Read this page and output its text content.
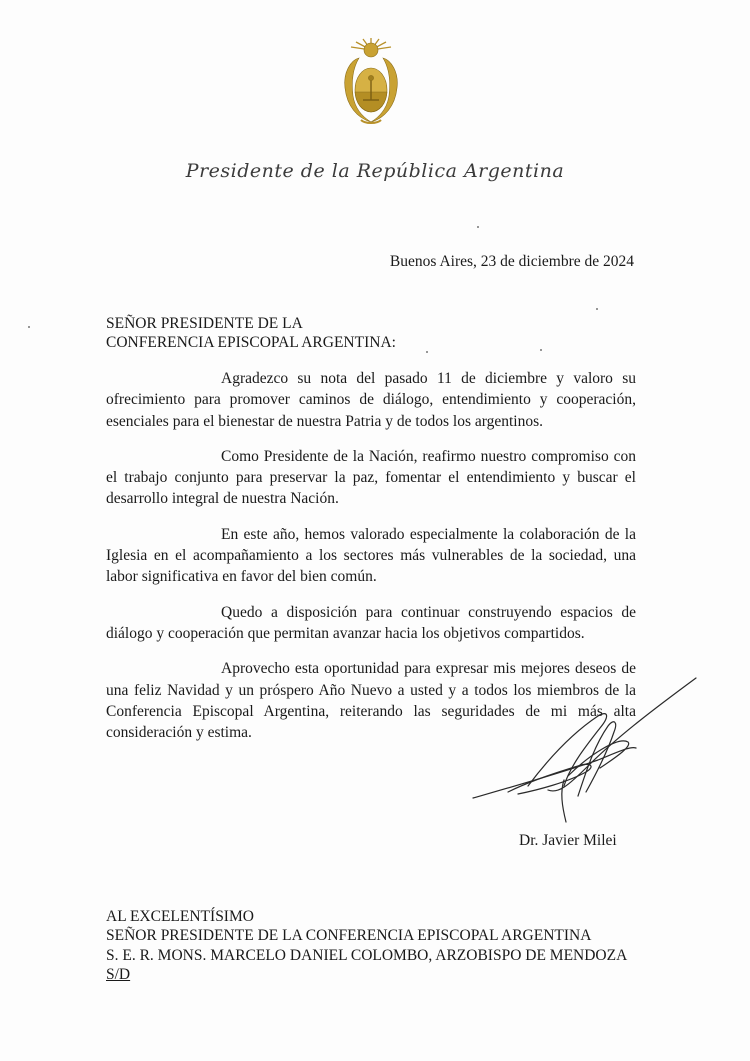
Presidente de la República Argentina
Buenos Aires, 23 de diciembre de 2024
SEÑOR PRESIDENTE DE LA
CONFERENCIA EPISCOPAL ARGENTINA:

Agradezco su nota del pasado 11 de diciembre y valoro su ofrecimiento para promover caminos de diálogo, entendimiento y cooperación, esenciales para el bienestar de nuestra Patria y de todos los argentinos.

Como Presidente de la Nación, reafirmo nuestro compromiso con el trabajo conjunto para preservar la paz, fomentar el entendimiento y buscar el desarrollo integral de nuestra Nación.

En este año, hemos valorado especialmente la colaboración de la Iglesia en el acompañamiento a los sectores más vulnerables de la sociedad, una labor significativa en favor del bien común.

Quedo a disposición para continuar construyendo espacios de diálogo y cooperación que permitan avanzar hacia los objetivos compartidos.

Aprovecho esta oportunidad para expresar mis mejores deseos de una feliz Navidad y un próspero Año Nuevo a usted y a todos los miembros de la Conferencia Episcopal Argentina, reiterando las seguridades de mi más alta consideración y estima.

Dr. Javier Milei
AL EXCELENTÍSIMO
SEÑOR PRESIDENTE DE LA CONFERENCIA EPISCOPAL ARGENTINA
S. E. R. MONS. MARCELO DANIEL COLOMBO, ARZOBISPO DE MENDOZA
S/D
